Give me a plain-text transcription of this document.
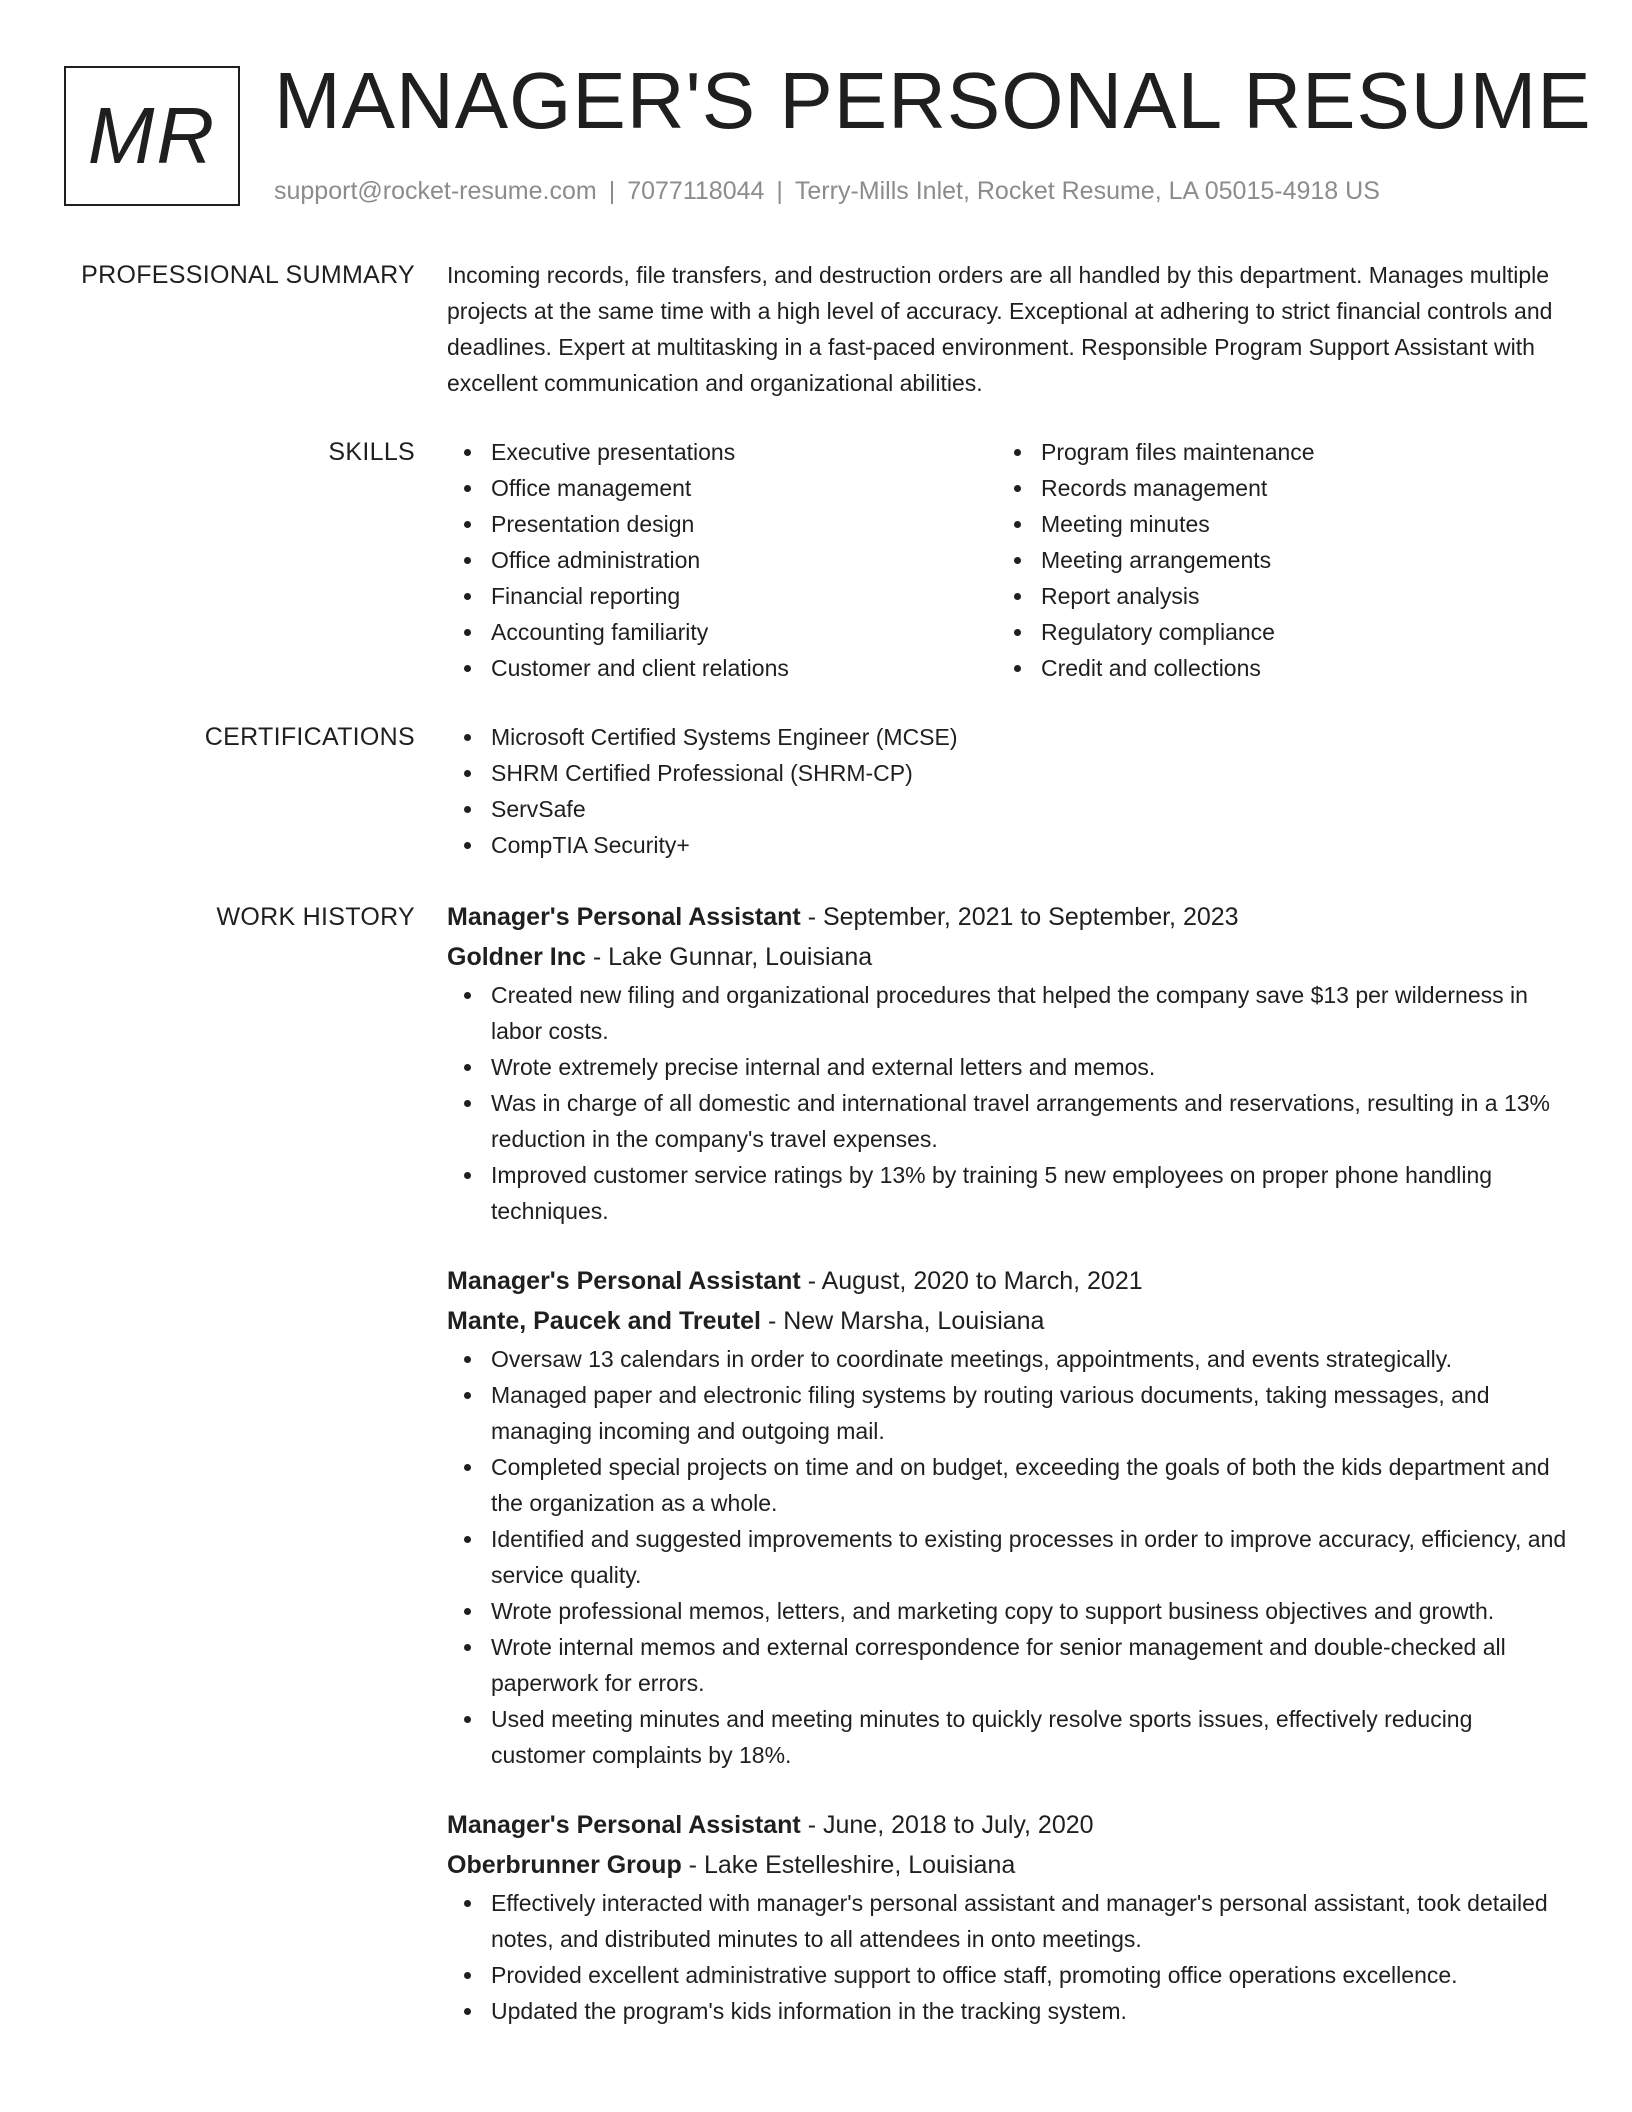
MR MANAGER'S PERSONAL RESUME
support@rocket-resume.com | 7077118044 | Terry-Mills Inlet, Rocket Resume, LA 05015-4918 US
PROFESSIONAL SUMMARY Incoming records, file transfers, and destruction orders are all handled by this department. Manages multiple projects at the same time with a high level of accuracy. Exceptional at adhering to strict financial controls and deadlines. Expert at multitasking in a fast-paced environment. Responsible Program Support Assistant with excellent communication and organizational abilities.

SKILLS	Executive presentations
Office management
Presentation design
Office administration
Financial reporting
Accounting familiarity
Customer and client relations
Program files maintenance
Records management
Meeting minutes
Meeting arrangements
Report analysis
Regulatory compliance
Credit and collections
CERTIFICATIONS	Microsoft Certified Systems Engineer (MCSE)
SHRM Certified Professional (SHRM-CP)
ServSafe
CompTIA Security+
WORK HISTORY Manager's Personal Assistant - September, 2021 to September, 2023
Goldner Inc - Lake Gunnar, Louisiana
Created new filing and organizational procedures that helped the company save $13 per wilderness in labor costs.
Wrote extremely precise internal and external letters and memos.
Was in charge of all domestic and international travel arrangements and reservations, resulting in a 13% reduction in the company's travel expenses.
Improved customer service ratings by 13% by training 5 new employees on proper phone handling techniques.
Manager's Personal Assistant - August, 2020 to March, 2021
Mante, Paucek and Treutel - New Marsha, Louisiana
Oversaw 13 calendars in order to coordinate meetings, appointments, and events strategically.
Managed paper and electronic filing systems by routing various documents, taking messages, and managing incoming and outgoing mail.
Completed special projects on time and on budget, exceeding the goals of both the kids department and the organization as a whole.
Identified and suggested improvements to existing processes in order to improve accuracy, efficiency, and service quality.
Wrote professional memos, letters, and marketing copy to support business objectives and growth.
Wrote internal memos and external correspondence for senior management and double-checked all paperwork for errors.
Used meeting minutes and meeting minutes to quickly resolve sports issues, effectively reducing customer complaints by 18%.
Manager's Personal Assistant - June, 2018 to July, 2020
Oberbrunner Group - Lake Estelleshire, Louisiana
Effectively interacted with manager's personal assistant and manager's personal assistant, took detailed notes, and distributed minutes to all attendees in onto meetings.
Provided excellent administrative support to office staff, promoting office operations excellence.
Updated the program's kids information in the tracking system.
